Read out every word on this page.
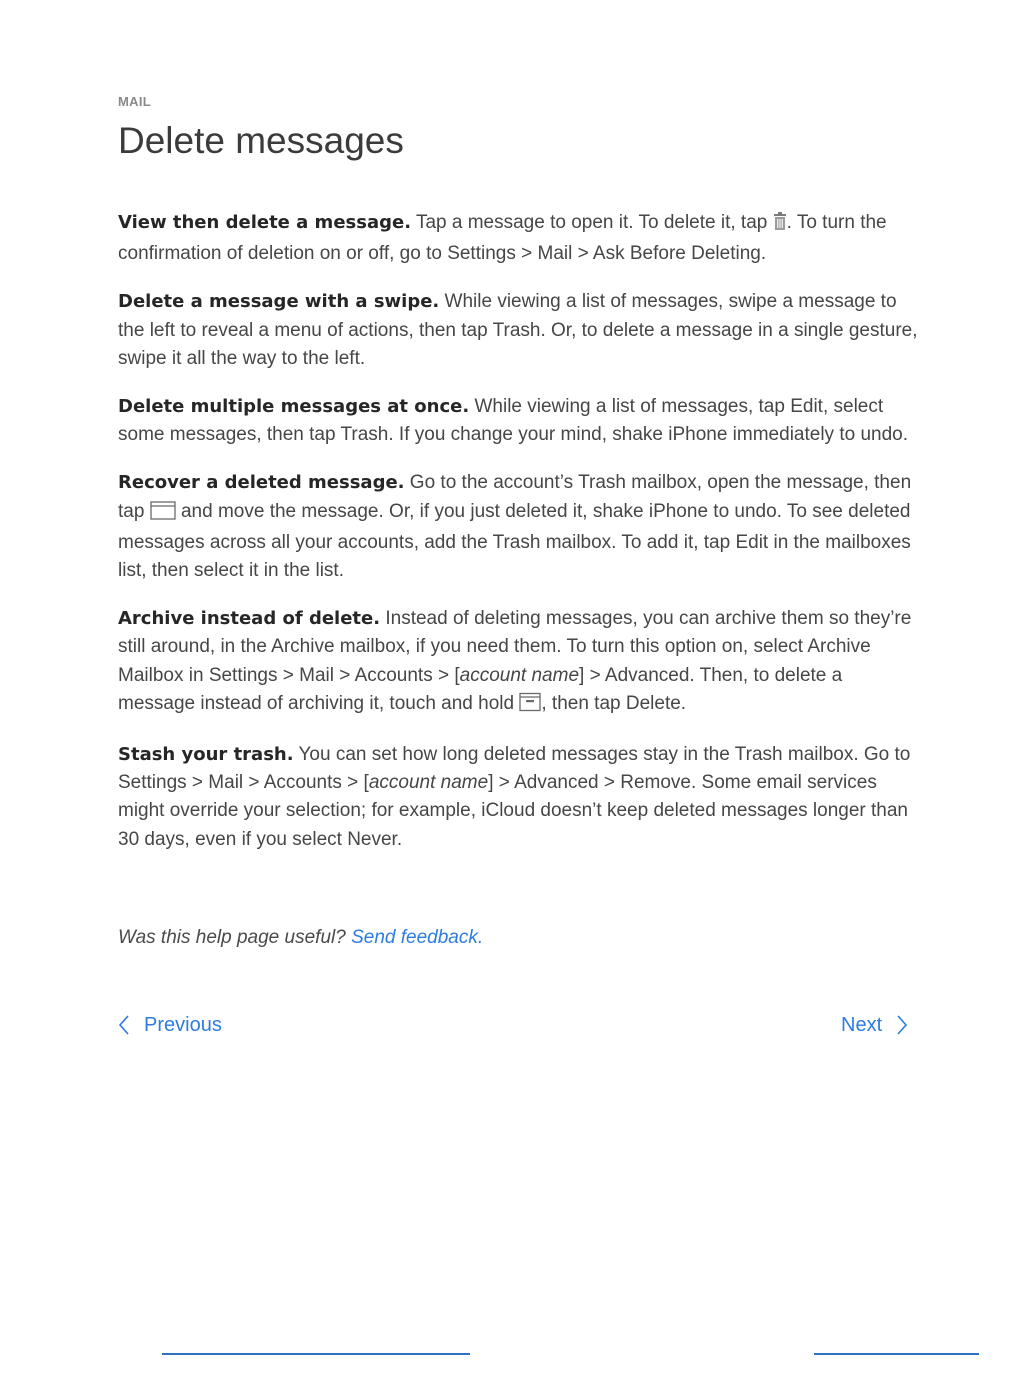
MAIL

Delete messages

View then delete a message. Tap a message to open it. To delete it, tap . To turn the confirmation of deletion on or off, go to Settings > Mail > Ask Before Deleting.

Delete a message with a swipe. While viewing a list of messages, swipe a message to the left to reveal a menu of actions, then tap Trash. Or, to delete a message in a single gesture, swipe it all the way to the left.

Delete multiple messages at once. While viewing a list of messages, tap Edit, select some messages, then tap Trash. If you change your mind, shake iPhone immediately to undo.

Recover a deleted message. Go to the account’s Trash mailbox, open the message, then tap  and move the message. Or, if you just deleted it, shake iPhone to undo. To see deleted messages across all your accounts, add the Trash mailbox. To add it, tap Edit in the mailboxes list, then select it in the list.

Archive instead of delete. Instead of deleting messages, you can archive them so they’re still around, in the Archive mailbox, if you need them. To turn this option on, select Archive Mailbox in Settings > Mail > Accounts > [account name] > Advanced. Then, to delete a message instead of archiving it, touch and hold , then tap Delete.

Stash your trash. You can set how long deleted messages stay in the Trash mailbox. Go to Settings > Mail > Accounts > [account name] > Advanced > Remove. Some email services might override your selection; for example, iCloud doesn’t keep deleted messages longer than 30 days, even if you select Never.

Was this help page useful? Send feedback.
Previous	Next
